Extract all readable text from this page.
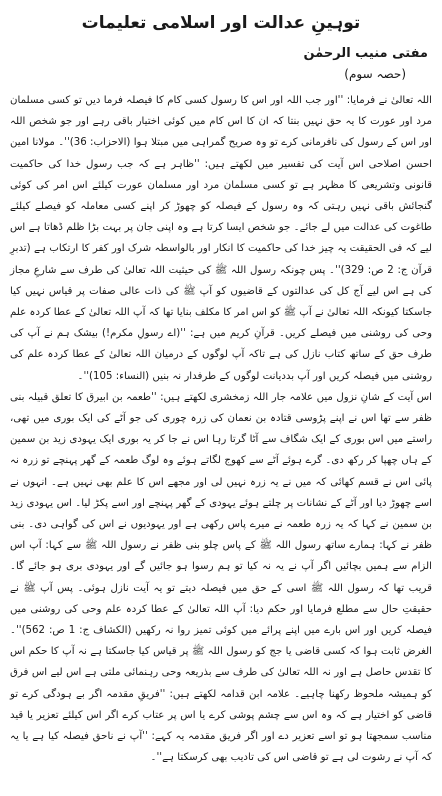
توہینِ عدالت اور اسلامی تعلیمات
مفتی منیب الرحمٰن
(حصہ سوم)

اللہ تعالیٰ نے فرمایا: ''اور جب اللہ اور اس کا رسول کسی کام کا فیصلہ فرما دیں تو کسی مسلمان مرد اور عورت کا یہ حق نہیں بنتا کہ ان کا اس کام میں کوئی اختیار باقی رہے اور جو شخص اللہ اور اس کے رسول کی نافرمانی کرے تو وہ صریح گمراہی میں مبتلا ہوا (الاحزاب: 36)''۔ مولانا امین احسن اصلاحی اس آیت کی تفسیر میں لکھتے ہیں: ''ظاہر ہے کہ جب رسول خدا کی حاکمیت قانونی وتشریعی کا مظہر ہے تو کسی مسلمان مرد اور مسلمان عورت کیلئے اس امر کی کوئی گنجائش باقی نہیں رہتی کہ وہ رسول کے فیصلہ کو چھوڑ کر اپنے کسی معاملہ کو فیصلے کیلئے طاغوت کی عدالت میں لے جائے۔ جو شخص ایسا کرتا ہے وہ اپنی جان پر بہت بڑا ظلم ڈھاتا ہے اس لیے کہ فی الحقیقت یہ چیز خدا کی حاکمیت کا انکار اور بالواسطہ شرک اور کفر کا ارتکاب ہے (تدبرِ قرآن ج: 2 ص: 329)''۔ پس چونکہ رسول اللہ ﷺ کی حیثیت اللہ تعالیٰ کی طرف سے شارعِ مجاز کی ہے اس لیے آج کل کی عدالتوں کے قاضیوں کو آپ ﷺ کی ذات عالی صفات پر قیاس نہیں کیا جاسکتا کیونکہ اللہ تعالیٰ نے آپ ﷺ کو اس امر کا مکلف بنایا تھا کہ آپ اللہ تعالیٰ کے عطا کردہ علم وحی کی روشنی میں فیصلے کریں۔ قرآنِ کریم میں ہے: ''(اے رسولِ مکرم!) بیشک ہم نے آپ کی طرف حق کے ساتھ کتاب نازل کی ہے تاکہ آپ لوگوں کے درمیان اللہ تعالیٰ کے عطا کردہ علم کی روشنی میں فیصلہ کریں اور آپ بددیانت لوگوں کے طرفدار نہ بنیں (النساء: 105)''۔

اس آیت کے شانِ نزول میں علامہ جار اللہ زمخشری لکھتے ہیں: ''طعمہ بن ابیرق کا تعلق قبیلہ بنی ظفر سے تھا اس نے اپنے پڑوسی قتادہ بن نعمان کی زرہ چوری کی جو آٹے کی ایک بوری میں تھی، راستے میں اس بوری کے ایک شگاف سے آٹا گرتا رہا اس نے جا کر یہ بوری ایک یہودی زید بن سمین کے ہاں چھپا کر رکھ دی۔ گرے ہوئے آٹے سے کھوج لگاتے ہوئے وہ لوگ طعمہ کے گھر پہنچے تو زرہ نہ پائی اس نے قسم کھائی کہ میں نے یہ زرہ نہیں لی اور مجھے اس کا علم بھی نہیں ہے۔ انہوں نے اسے چھوڑ دیا اور آٹے کے نشانات پر چلتے ہوئے یہودی کے گھر پہنچے اور اسے پکڑ لیا۔ اس یہودی زید بن سمین نے کہا کہ یہ زرہ طعمہ نے میرے پاس رکھی ہے اور یہودیوں نے اس کی گواہی دی۔ بنی ظفر نے کہا: ہمارے ساتھ رسول اللہ ﷺ کے پاس چلو بنی ظفر نے رسول اللہ ﷺ سے کہا: آپ اس الزام سے ہمیں بچائیں اگر آپ نے یہ نہ کیا تو ہم رسوا ہو جائیں گے اور یہودی بری ہو جائے گا۔ قریب تھا کہ رسول اللہ ﷺ اسی کے حق میں فیصلہ دیتے تو یہ آیت نازل ہوئی۔ پس آپ ﷺ نے حقیقتِ حال سے مطلع فرمایا اور حکم دیا: آپ اللہ تعالیٰ کے عطا کردہ علم وحی کی روشنی میں فیصلہ کریں اور اس بارے میں اپنے پرائے میں کوئی تمیز روا نہ رکھیں (الکشاف ج: 1 ص: 562)''۔ الغرض ثابت ہوا کہ کسی قاضی یا جج کو رسول اللہ ﷺ پر قیاس کیا جاسکتا ہے نہ آپ کا حکم اس کا تقدس حاصل ہے اور نہ اللہ تعالیٰ کی طرف سے بذریعہ وحی رہنمائی ملتی ہے اس لیے اس فرق کو ہمیشہ ملحوظ رکھنا چاہیے۔ علامہ ابن قدامہ لکھتے ہیں: ''فریقِ مقدمہ اگر بے ہودگی کرے تو قاضی کو اختیار ہے کہ وہ اس سے چشم پوشی کرے یا اس پر عتاب کرے اگر اس کیلئے تعزیر یا قید مناسب سمجھتا ہو تو اسے تعزیر دے اور اگر فریق مقدمہ یہ کہے: ''آپ نے ناحق فیصلہ کیا ہے یا یہ کہ آپ نے رشوت لی ہے تو قاضی اس کی تادیب بھی کرسکتا ہے''۔
